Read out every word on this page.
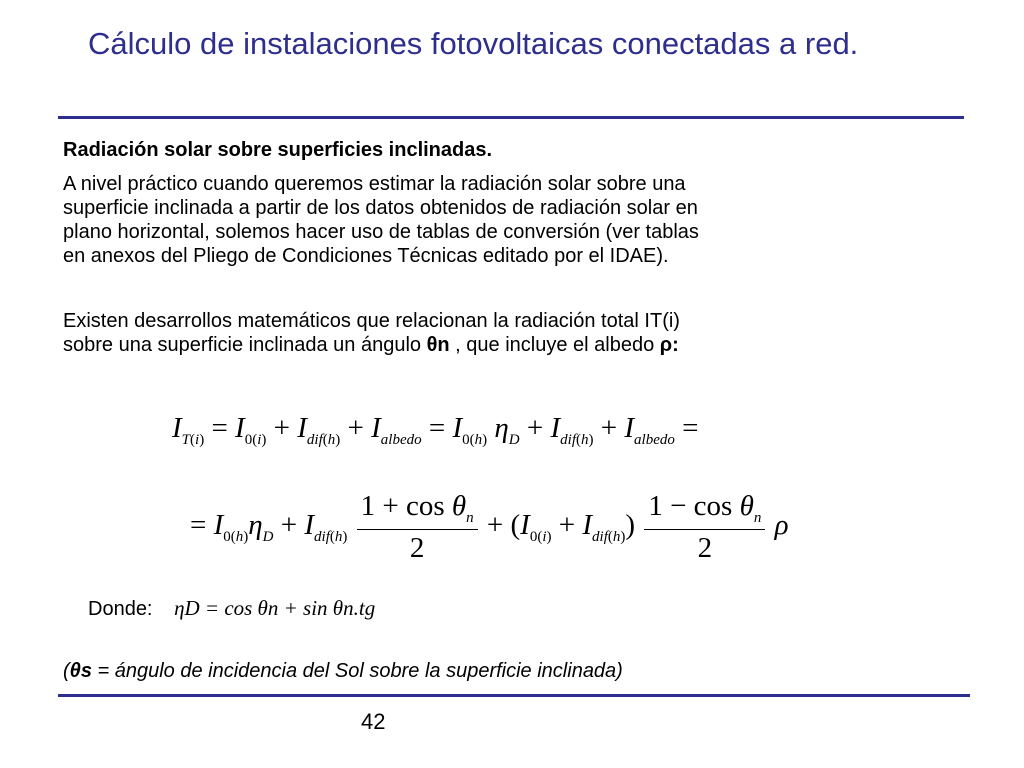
Cálculo de instalaciones fotovoltaicas conectadas a red.
Radiación solar sobre superficies inclinadas.
A nivel práctico cuando queremos estimar la radiación solar sobre una
superficie inclinada a partir de los datos obtenidos de radiación solar en
plano horizontal, solemos hacer uso de tablas de conversión (ver tablas
en anexos del Pliego de Condiciones Técnicas editado por el IDAE).
Existen desarrollos matemáticos que relacionan la radiación total IT(i)
sobre una superficie inclinada un ángulo θn , que incluye el albedo ρ:
$I_{T(i)} = I_{0(i)} + I_{dif(h)} + I_{albedo} = I_{0(h)}$ $\eta_D + I_{dif(h)} + I_{albedo}$ =
= $I_{0(h)}\eta_D + I_{dif(h)} \frac{1 + \cos \theta_n}{2} + (I_{0(i)} + I_{dif(h)}) \frac{1 - \cos \theta_n}{2}$ ρ
Donde: ηD = cos θn + sin θn.tg
(θs = ángulo de incidencia del Sol sobre la superficie inclinada)
42
